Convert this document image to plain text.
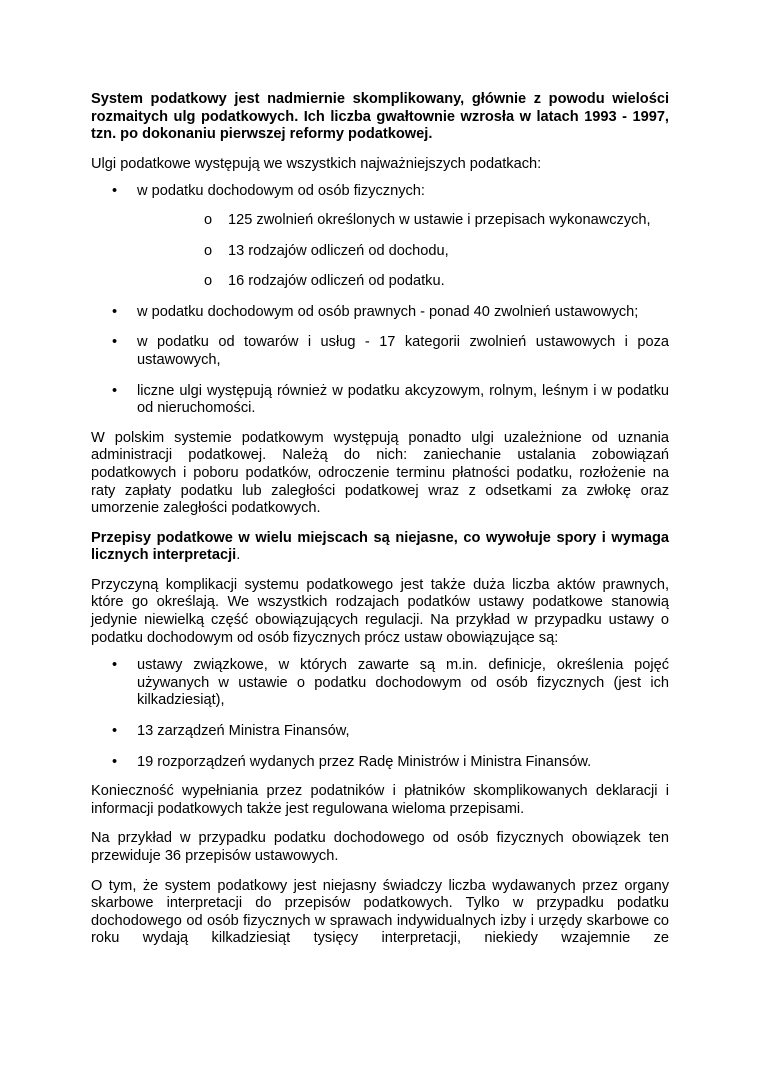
System podatkowy jest nadmiernie skomplikowany, głównie z powodu wielości rozmaitych ulg podatkowych. Ich liczba gwałtownie wzrosła w latach 1993 - 1997, tzn. po dokonaniu pierwszej reformy podatkowej.

Ulgi podatkowe występują we wszystkich najważniejszych podatkach:

• w podatku dochodowym od osób fizycznych:
o 125 zwolnień określonych w ustawie i przepisach wykonawczych,
o 13 rodzajów odliczeń od dochodu,
o 16 rodzajów odliczeń od podatku.
• w podatku dochodowym od osób prawnych - ponad 40 zwolnień ustawowych;
• w podatku od towarów i usług - 17 kategorii zwolnień ustawowych i poza ustawowych,
• liczne ulgi występują również w podatku akcyzowym, rolnym, leśnym i w podatku od nieruchomości.

W polskim systemie podatkowym występują ponadto ulgi uzależnione od uznania administracji podatkowej. Należą do nich: zaniechanie ustalania zobowiązań podatkowych i poboru podatków, odroczenie terminu płatności podatku, rozłożenie na raty zapłaty podatku lub zaległości podatkowej wraz z odsetkami za zwłokę oraz umorzenie zaległości podatkowych.

Przepisy podatkowe w wielu miejscach są niejasne, co wywołuje spory i wymaga licznych interpretacji.

Przyczyną komplikacji systemu podatkowego jest także duża liczba aktów prawnych, które go określają. We wszystkich rodzajach podatków ustawy podatkowe stanowią jedynie niewielką część obowiązujących regulacji. Na przykład w przypadku ustawy o podatku dochodowym od osób fizycznych prócz ustaw obowiązujące są:

• ustawy związkowe, w których zawarte są m.in. definicje, określenia pojęć używanych w ustawie o podatku dochodowym od osób fizycznych (jest ich kilkadziesiąt),
• 13 zarządzeń Ministra Finansów,
• 19 rozporządzeń wydanych przez Radę Ministrów i Ministra Finansów.

Konieczność wypełniania przez podatników i płatników skomplikowanych deklaracji i informacji podatkowych także jest regulowana wieloma przepisami.

Na przykład w przypadku podatku dochodowego od osób fizycznych obowiązek ten przewiduje 36 przepisów ustawowych.

O tym, że system podatkowy jest niejasny świadczy liczba wydawanych przez organy skarbowe interpretacji do przepisów podatkowych. Tylko w przypadku podatku dochodowego od osób fizycznych w sprawach indywidualnych izby i urzędy skarbowe co roku wydają kilkadziesiąt tysięcy interpretacji, niekiedy wzajemnie ze
